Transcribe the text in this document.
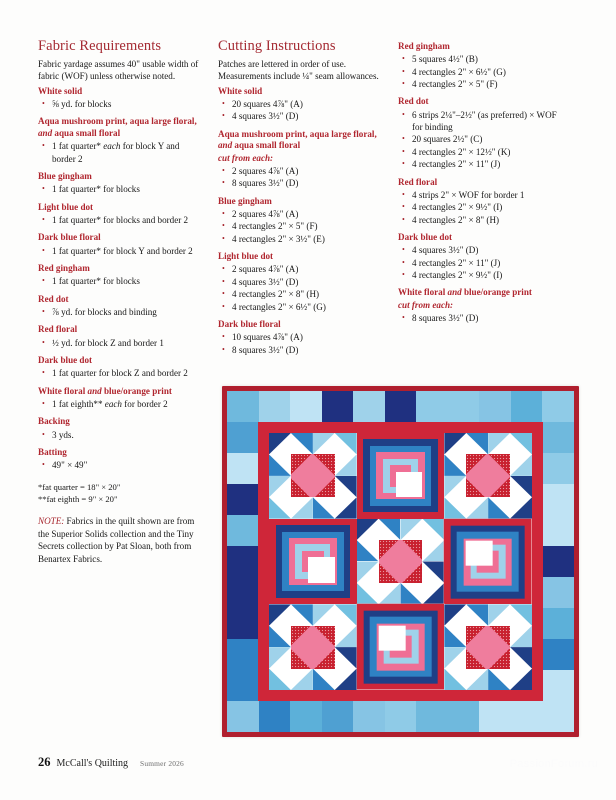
Fabric Requirements

Fabric yardage assumes 40" usable width of fabric (WOF) unless otherwise noted.

White solid
• ⅝ yd. for blocks
Aqua mushroom print, aqua large floral, and aqua small floral
• 1 fat quarter* each for block Y and border 2
Blue gingham
• 1 fat quarter* for blocks
Light blue dot
• 1 fat quarter* for blocks and border 2
Dark blue floral
• 1 fat quarter* for block Y and border 2
Red gingham
• 1 fat quarter* for blocks
Red dot
• ⅞ yd. for blocks and binding
Red floral
• ½ yd. for block Z and border 1
Dark blue dot
• 1 fat quarter for block Z and border 2
White floral and blue/orange print
• 1 fat eighth** each for border 2
Backing
• 3 yds.
Batting
• 49" × 49"
*fat quarter = 18" × 20"
**fat eighth = 9" × 20"

NOTE: Fabrics in the quilt shown are from the Superior Solids collection and the Tiny Secrets collection by Pat Sloan, both from Benartex Fabrics.

Cutting Instructions

Patches are lettered in order of use. Measurements include ¼" seam allowances.

White solid
• 20 squares 4⅞" (A)
• 4 squares 3½" (D)
Aqua mushroom print, aqua large floral, and aqua small floral
cut from each:
• 2 squares 4⅞" (A)
• 8 squares 3½" (D)
Blue gingham
• 2 squares 4⅞" (A)
• 4 rectangles 2" × 5" (F)
• 4 rectangles 2" × 3½" (E)
Light blue dot
• 2 squares 4⅞" (A)
• 4 squares 3½" (D)
• 4 rectangles 2" × 8" (H)
• 4 rectangles 2" × 6½" (G)
Dark blue floral
• 10 squares 4⅞" (A)
• 8 squares 3½" (D)
Red gingham
• 5 squares 4½" (B)
• 4 rectangles 2" × 6½" (G)
• 4 rectangles 2" × 5" (F)
Red dot
• 6 strips 2¼"–2½" (as preferred) × WOF for binding
• 20 squares 2½" (C)
• 4 rectangles 2" × 12½" (K)
• 4 rectangles 2" × 11" (J)
Red floral
• 4 strips 2" × WOF for border 1
• 4 rectangles 2" × 9½" (I)
• 4 rectangles 2" × 8" (H)
Dark blue dot
• 4 squares 3½" (D)
• 4 rectangles 2" × 11" (J)
• 4 rectangles 2" × 9½" (I)
White floral and blue/orange print
cut from each:
• 8 squares 3½" (D)
26 McCall's Quilting Summer 2026	PassionForum.ru
